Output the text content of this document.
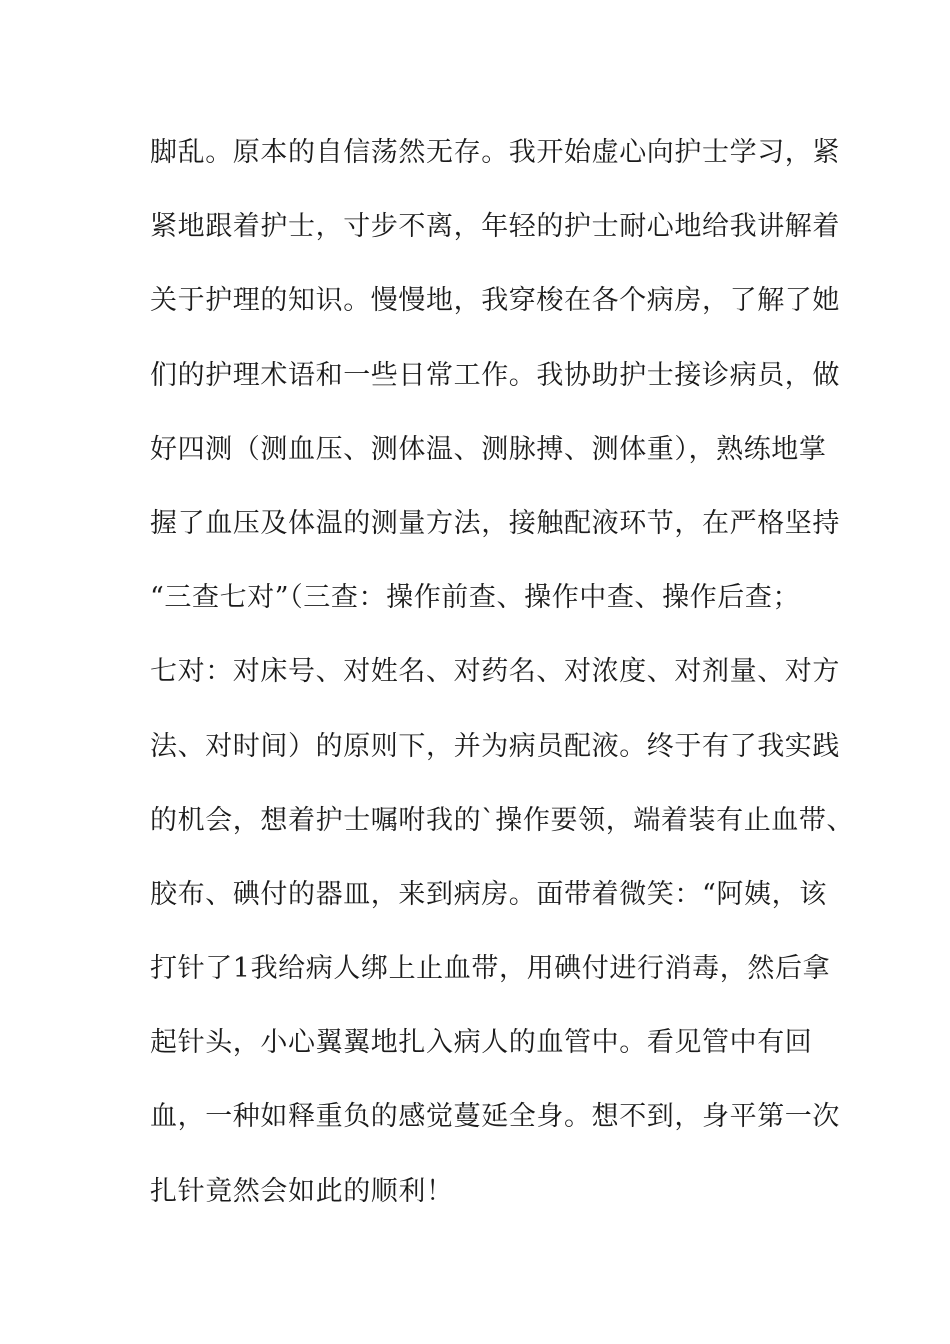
脚乱。原本的自信荡然无存。我开始虚心向护士学习，紧
紧地跟着护士，寸步不离，年轻的护士耐心地给我讲解着
关于护理的知识。慢慢地，我穿梭在各个病房，了解了她
们的护理术语和一些日常工作。我协助护士接诊病员，做
好四测（测血压、测体温、测脉搏、测体重），熟练地掌
握了血压及体温的测量方法，接触配液环节，在严格坚持
“三查七对”（三查：操作前查、操作中查、操作后查；
七对：对床号、对姓名、对药名、对浓度、对剂量、对方
法、对时间）的原则下，并为病员配液。终于有了我实践
的机会，想着护士嘱咐我的`操作要领，端着装有止血带、
胶布、碘付的器皿，来到病房。面带着微笑：“阿姨，该
打针了1我给病人绑上止血带，用碘付进行消毒，然后拿
起针头，小心翼翼地扎入病人的血管中。看见管中有回
血，一种如释重负的感觉蔓延全身。想不到，身平第一次
扎针竟然会如此的顺利！
